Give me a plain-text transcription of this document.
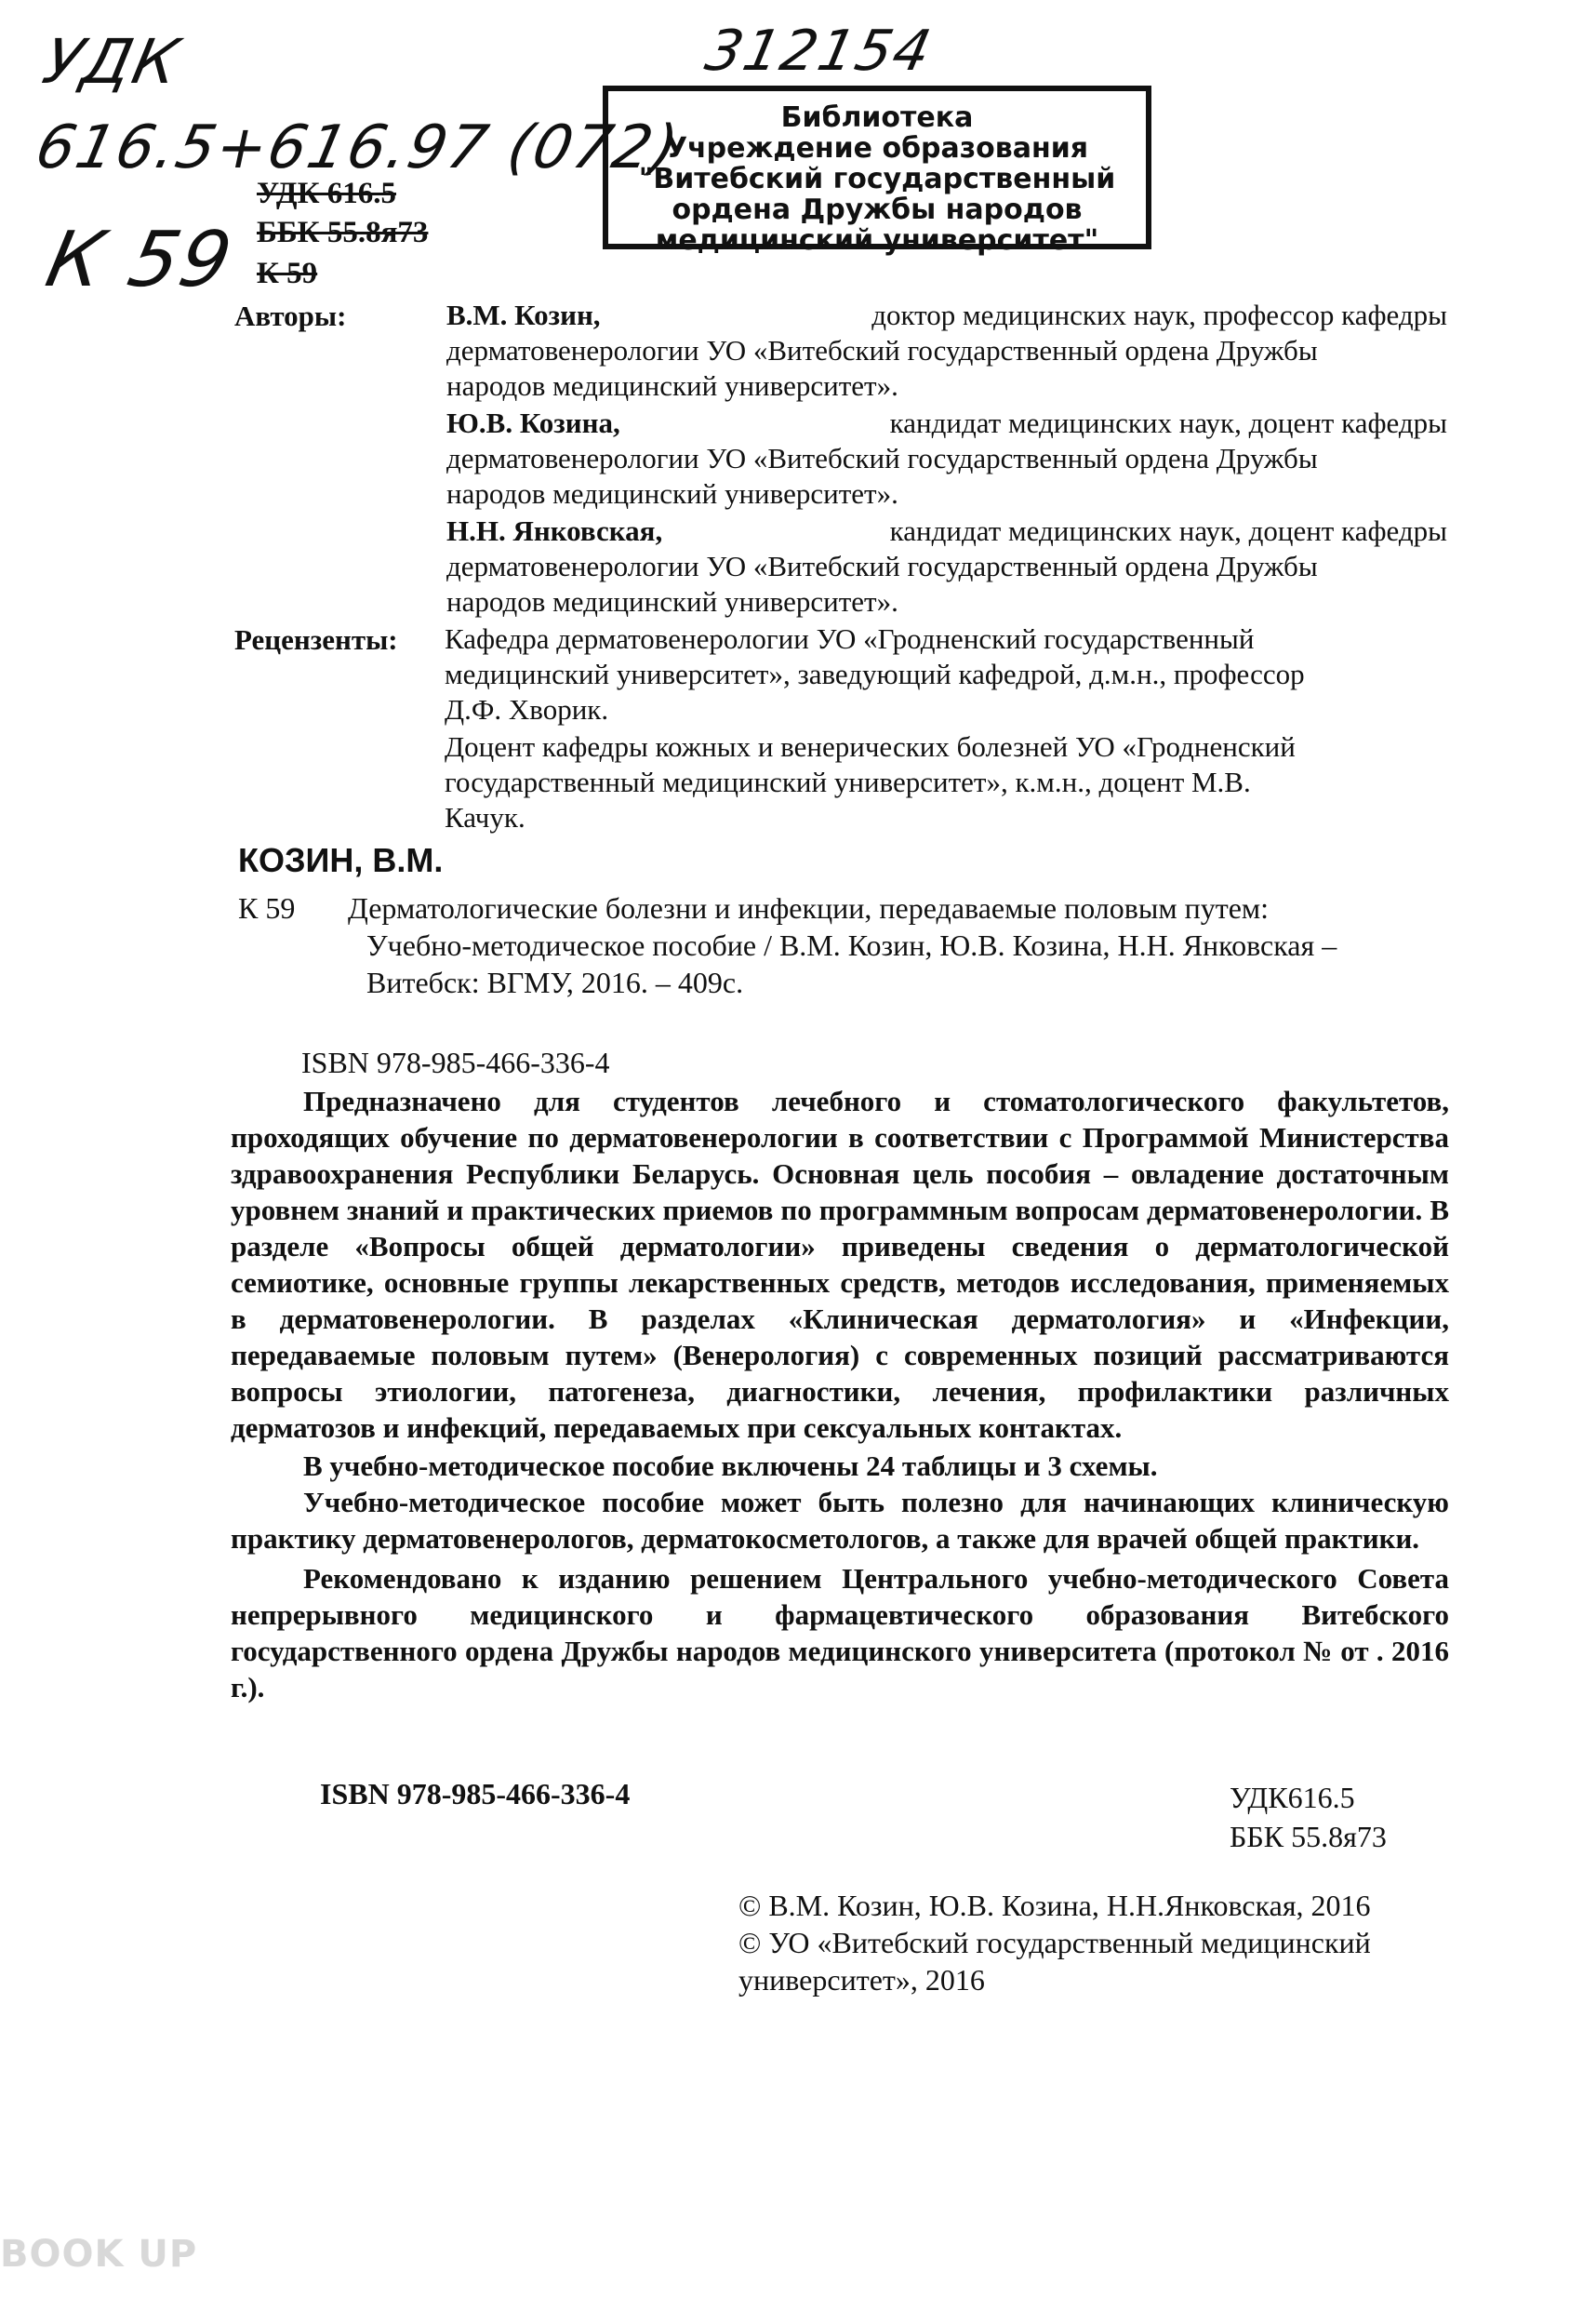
УДК
616.5+616.97 (072)
312154
К 59
Библиотека
Учреждение образования
"Витебский государственный
ордена Дружбы народов
медицинский университет"
УДК 616.5
ББК 55.8я73
К 59
Авторы:	В.М. Козин,	доктор медицинских наук, профессор кафедры
дерматовенерологии УО «Витебский государственный ордена Дружбы
народов медицинский университет».
Ю.В. Козина,	кандидат медицинских наук, доцент кафедры
дерматовенерологии УО «Витебский государственный ордена Дружбы
народов медицинский университет».
Н.Н. Янковская,	кандидат медицинских наук, доцент кафедры
дерматовенерологии УО «Витебский государственный ордена Дружбы
народов медицинский университет».
Рецензенты: Кафедра дерматовенерологии УО «Гродненский государственный
медицинский университет», заведующий кафедрой, д.м.н., профессор
Д.Ф. Хворик.
Доцент кафедры кожных и венерических болезней УО «Гродненский
государственный медицинский университет», к.м.н., доцент М.В.
Качук.
КОЗИН, В.М.
К 59 Дерматологические болезни и инфекции, передаваемые половым путем:
Учебно-методическое пособие / В.М. Козин, Ю.В. Козина, Н.Н. Янковская –
Витебск: ВГМУ, 2016. – 409с.
ISBN 978-985-466-336-4

Предназначено для студентов лечебного и стоматологического факультетов, проходящих обучение по дерматовенерологии в соответствии с Программой Министерства здравоохранения Республики Беларусь. Основная цель пособия – овладение достаточным уровнем знаний и практических приемов по программным вопросам дерматовенерологии. В разделе «Вопросы общей дерматологии» приведены сведения о дерматологической семиотике, основные группы лекарственных средств, методов исследования, применяемых в дерматовенерологии. В разделах «Клиническая дерматология» и «Инфекции, передаваемые половым путем» (Венерология) с современных позиций рассматриваются вопросы этиологии, патогенеза, диагностики, лечения, профилактики различных дерматозов и инфекций, передаваемых при сексуальных контактах.

В учебно-методическое пособие включены 24 таблицы и 3 схемы.

Учебно-методическое пособие может быть полезно для начинающих клиническую практику дерматовенерологов, дерматокосметологов, а также для врачей общей практики.

Рекомендовано к изданию решением Центрального учебно-методического Совета непрерывного медицинского и фармацевтического образования Витебского государственного ордена Дружбы народов медицинского университета (протокол № от . 2016 г.).

ISBN 978-985-466-336-4	УДК616.5
ББК 55.8я73
© В.М. Козин, Ю.В. Козина, Н.Н.Янковская, 2016
© УО «Витебский государственный медицинский
университет», 2016
BOOK UP
